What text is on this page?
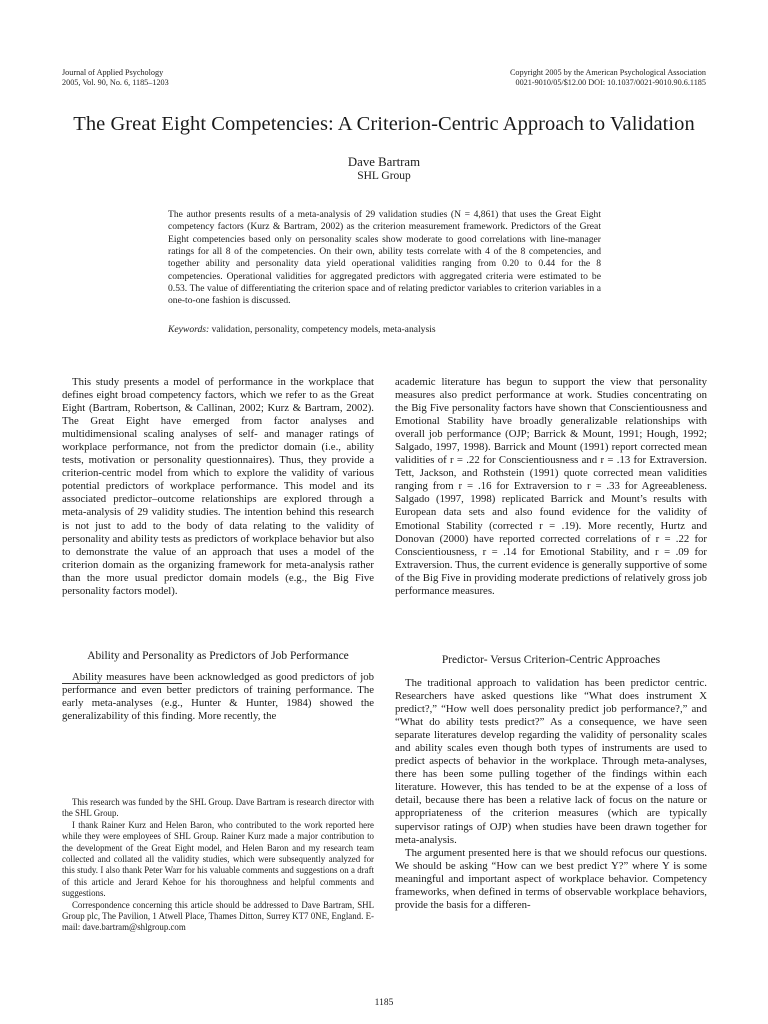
Journal of Applied Psychology
2005, Vol. 90, No. 6, 1185–1203
Copyright 2005 by the American Psychological Association
0021-9010/05/$12.00 DOI: 10.1037/0021-9010.90.6.1185
The Great Eight Competencies: A Criterion-Centric Approach to Validation
Dave Bartram
SHL Group
The author presents results of a meta-analysis of 29 validation studies (N = 4,861) that uses the Great Eight competency factors (Kurz & Bartram, 2002) as the criterion measurement framework. Predictors of the Great Eight competencies based only on personality scales show moderate to good correlations with line-manager ratings for all 8 of the competencies. On their own, ability tests correlate with 4 of the 8 competencies, and together ability and personality data yield operational validities ranging from 0.20 to 0.44 for the 8 competencies. Operational validities for aggregated predictors with aggregated criteria were estimated to be 0.53. The value of differentiating the criterion space and of relating predictor variables to criterion variables in a one-to-one fashion is discussed.
Keywords: validation, personality, competency models, meta-analysis

This study presents a model of performance in the workplace that defines eight broad competency factors, which we refer to as the Great Eight (Bartram, Robertson, & Callinan, 2002; Kurz & Bartram, 2002). The Great Eight have emerged from factor analyses and multidimensional scaling analyses of self- and manager ratings of workplace performance, not from the predictor domain (i.e., ability tests, motivation or personality questionnaires). Thus, they provide a criterion-centric model from which to explore the validity of various potential predictors of workplace performance. This model and its associated predictor–outcome relationships are explored through a meta-analysis of 29 validity studies. The intention behind this research is not just to add to the body of data relating to the validity of personality and ability tests as predictors of workplace behavior but also to demonstrate the value of an approach that uses a model of the criterion domain as the organizing framework for meta-analysis rather than the more usual predictor domain models (e.g., the Big Five personality factors model).

Ability and Personality as Predictors of Job Performance

Ability measures have been acknowledged as good predictors of job performance and even better predictors of training performance. The early meta-analyses (e.g., Hunter & Hunter, 1984) showed the generalizability of this finding. More recently, the

This research was funded by the SHL Group. Dave Bartram is research director with the SHL Group.

I thank Rainer Kurz and Helen Baron, who contributed to the work reported here while they were employees of SHL Group. Rainer Kurz made a major contribution to the development of the Great Eight model, and Helen Baron and my research team collected and collated all the validity studies, which were subsequently analyzed for this study. I also thank Peter Warr for his valuable comments and suggestions on a draft of this article and Jerard Kehoe for his thoroughness and helpful comments and suggestions.

Correspondence concerning this article should be addressed to Dave Bartram, SHL Group plc, The Pavilion, 1 Atwell Place, Thames Ditton, Surrey KT7 0NE, England. E-mail: dave.bartram@shlgroup.com

academic literature has begun to support the view that personality measures also predict performance at work. Studies concentrating on the Big Five personality factors have shown that Conscientiousness and Emotional Stability have broadly generalizable relationships with overall job performance (OJP; Barrick & Mount, 1991; Hough, 1992; Salgado, 1997, 1998). Barrick and Mount (1991) report corrected mean validities of r = .22 for Conscientiousness and r = .13 for Extraversion. Tett, Jackson, and Rothstein (1991) quote corrected mean validities ranging from r = .16 for Extraversion to r = .33 for Agreeableness. Salgado (1997, 1998) replicated Barrick and Mount’s results with European data sets and also found evidence for the validity of Emotional Stability (corrected r = .19). More recently, Hurtz and Donovan (2000) have reported corrected correlations of r = .22 for Conscientiousness, r = .14 for Emotional Stability, and r = .09 for Extraversion. Thus, the current evidence is generally supportive of some of the Big Five in providing moderate predictions of relatively gross job performance measures.

Predictor- Versus Criterion-Centric Approaches

The traditional approach to validation has been predictor centric. Researchers have asked questions like “What does instrument X predict?,” “How well does personality predict job performance?,” and “What do ability tests predict?” As a consequence, we have seen separate literatures develop regarding the validity of personality scales and ability scales even though both types of instruments are used to predict aspects of behavior in the workplace. Through meta-analyses, there has been some pulling together of the findings within each literature. However, this has tended to be at the expense of a loss of detail, because there has been a relative lack of focus on the nature or appropriateness of the criterion measures (which are typically supervisor ratings of OJP) when studies have been drawn together for meta-analysis.

The argument presented here is that we should refocus our questions. We should be asking “How can we best predict Y?” where Y is some meaningful and important aspect of workplace behavior. Competency frameworks, when defined in terms of observable workplace behaviors, provide the basis for a differen-

1185
